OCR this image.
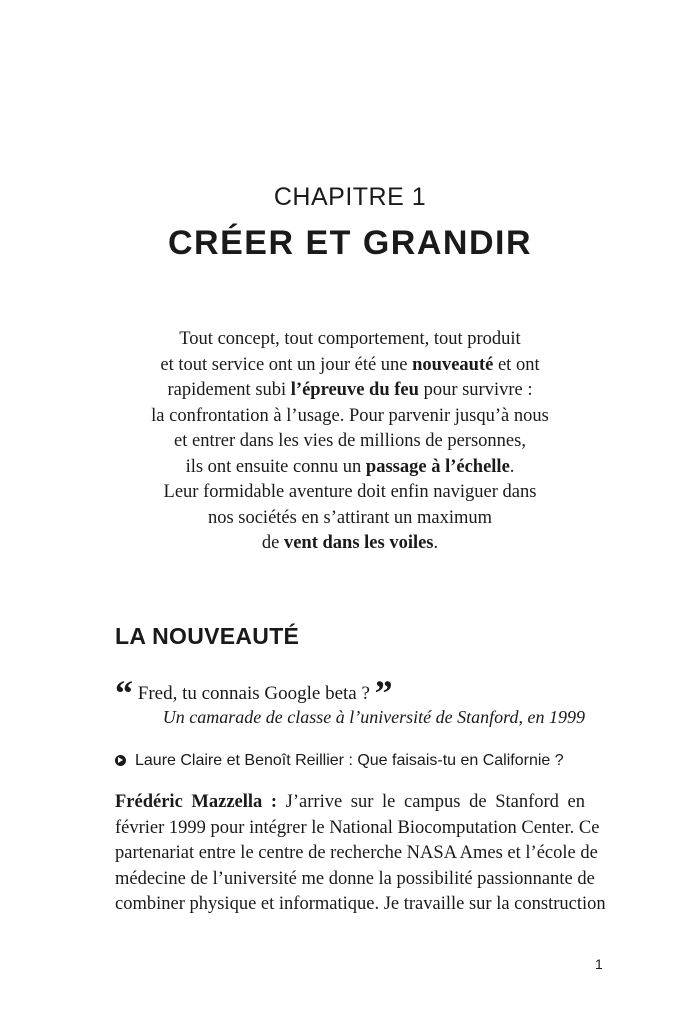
CHAPITRE 1
CRÉER ET GRANDIR
Tout concept, tout comportement, tout produit
et tout service ont un jour été une nouveauté et ont
rapidement subi l’épreuve du feu pour survivre :
la confrontation à l’usage. Pour parvenir jusqu’à nous
et entrer dans les vies de millions de personnes,
ils ont ensuite connu un passage à l’échelle.
Leur formidable aventure doit enfin naviguer dans
nos sociétés en s’attirant un maximum
de vent dans les voiles.
LA NOUVEAUTÉ
“ Fred, tu connais Google beta ? ”
Un camarade de classe à l’université de Stanford, en 1999
Laure Claire et Benoît Reillier : Que faisais-tu en Californie ?
Frédéric Mazzella : J’arrive sur le campus de Stanford en
février 1999 pour intégrer le National Biocomputation Center. Ce
partenariat entre le centre de recherche NASA Ames et l’école de
médecine de l’université me donne la possibilité passionnante de
combiner physique et informatique. Je travaille sur la construction
1
